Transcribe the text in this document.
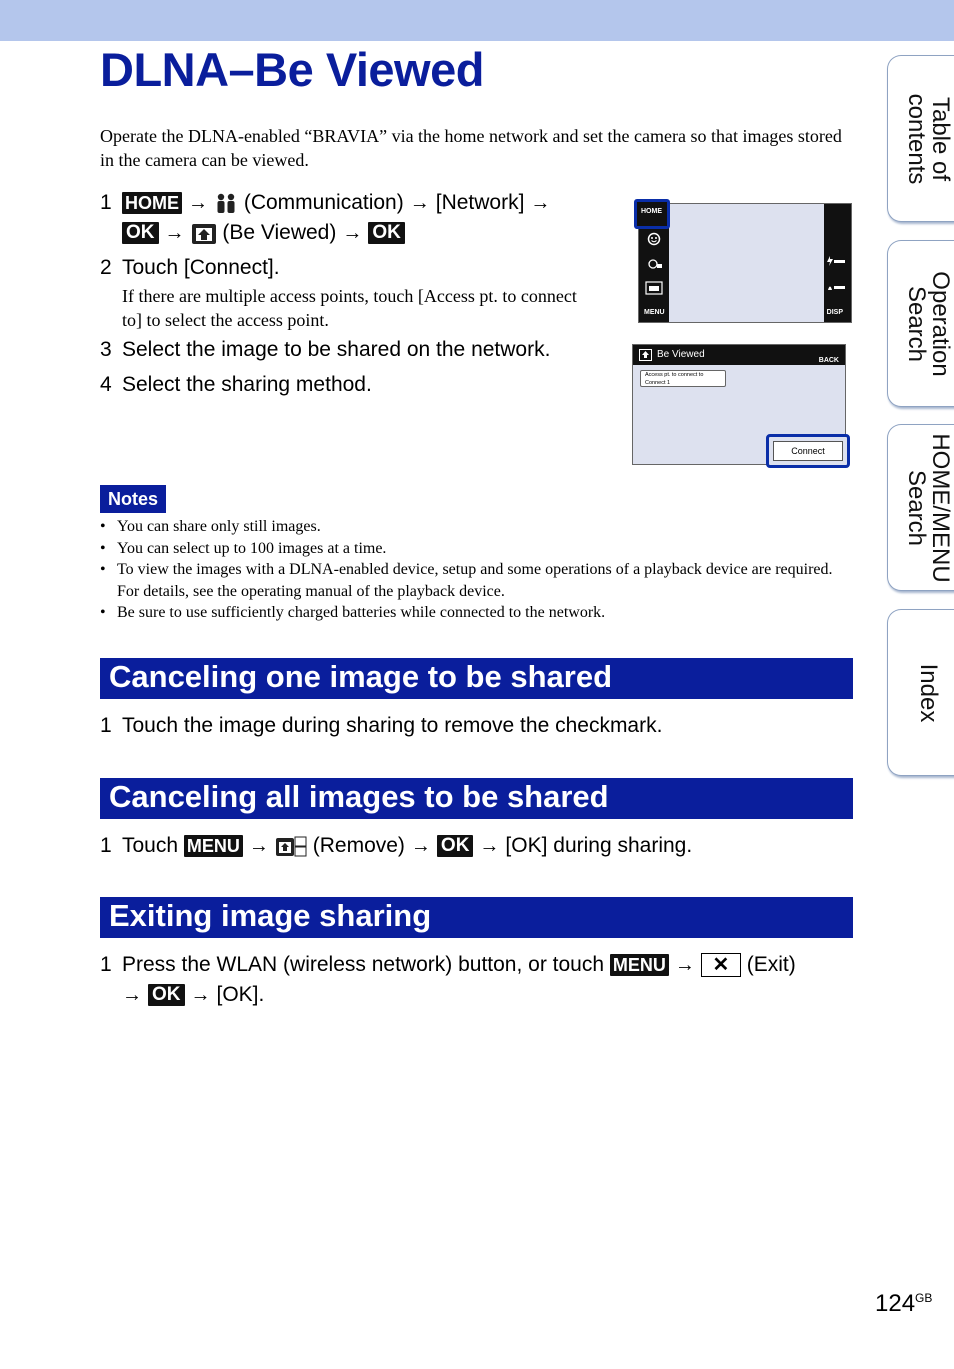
DLNA–Be Viewed
Operate the DLNA-enabled “BRAVIA” via the home network and set the camera so that images stored in the camera can be viewed.
1 HOME → (Communication) → [Network] →
OK → (Be Viewed) → OK
2 Touch [Connect].
If there are multiple access points, touch [Access pt. to connect to] to select the access point.
3 Select the image to be shared on the network.
4 Select the sharing method.
HOME
MENU	DISP
Be Viewed
BACK
Access pt. to connect to
Connect 1
Connect
Notes
• You can share only still images.
• You can select up to 100 images at a time.
• To view the images with a DLNA-enabled device, setup and some operations of a playback device are required. For details, see the operating manual of the playback device.
• Be sure to use sufficiently charged batteries while connected to the network.
Canceling one image to be shared
1 Touch the image during sharing to remove the checkmark.
Canceling all images to be shared
1 Touch MENU → (Remove) → OK → [OK] during sharing.
Exiting image sharing
1 Press the WLAN (wireless network) button, or touch MENU → ✕ (Exit)
→ OK → [OK].
Table of contents
Operation Search
HOME/MENU Search
Index
$124^{GB}$
